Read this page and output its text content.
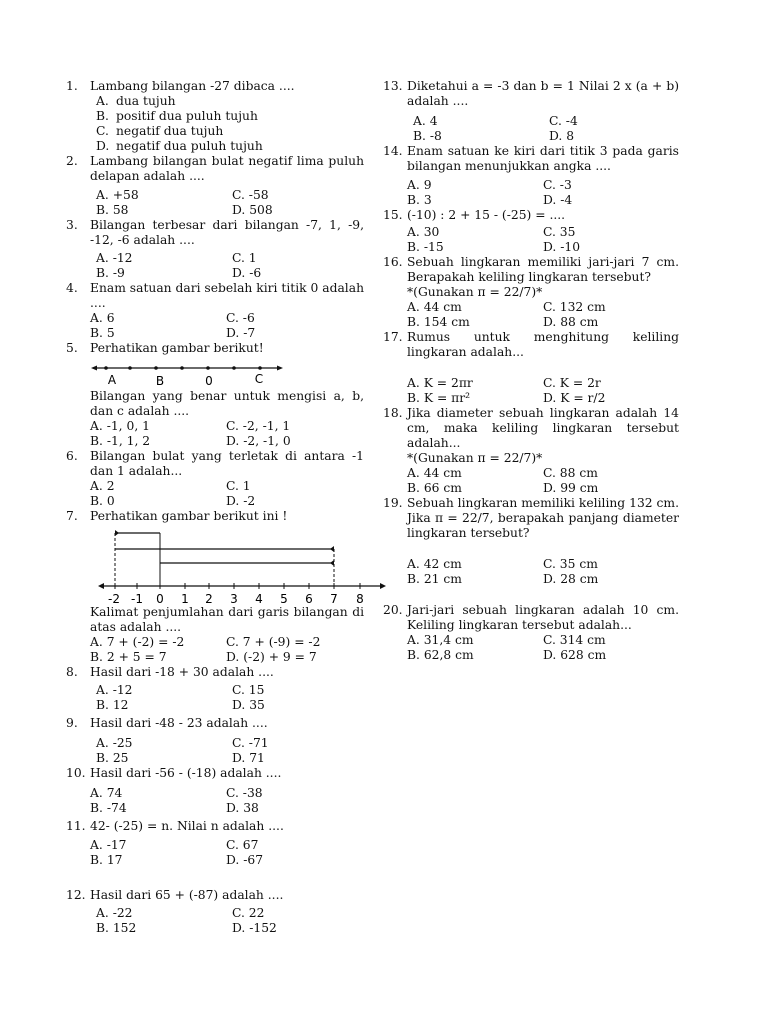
1. Lambang bilangan -27 dibaca ....
A. dua tujuh
B. positif dua puluh tujuh
C. negatif dua tujuh
D. negatif dua puluh tujuh
2. Lambang bilangan bulat negatif lima puluh delapan adalah ....
A. +58	C. -58
B. 58	D. 508
3. Bilangan terbesar dari bilangan -7, 1, -9, -12, -6 adalah ....
A. -12	C. 1
B. -9	D. -6
4. Enam satuan dari sebelah kiri titik 0 adalah ....
A. 6	C. -6
B. 5	D. -7
5. Perhatikan gambar berikut!
A	B	0	C
Bilangan yang benar untuk mengisi a, b, dan c adalah ....
A. -1, 0, 1	C. -2, -1, 1
B. -1, 1, 2	D. -2, -1, 0
6. Bilangan bulat yang terletak di antara -1 dan 1 adalah...
A. 2	C. 1
B. 0	D. -2
7. Perhatikan gambar berikut ini !
-2 -1 0 1 2 3 4 5 6 7 8
Kalimat penjumlahan dari garis bilangan di atas adalah ....
A. 7 + (-2) = -2	C. 7 + (-9) = -2
B. 2 + 5 = 7	D. (-2) + 9 = 7
8. Hasil dari -18 + 30 adalah ....
A. -12	C. 15
B. 12	D. 35
9. Hasil dari -48 - 23 adalah ....
A. -25	C. -71
B. 25	D. 71
10. Hasil dari -56 - (-18) adalah ....
A. 74	C. -38
B. -74	D. 38
11. 42- (-25) = n. Nilai n adalah ....
A. -17	C. 67
B. 17	D. -67
12. Hasil dari 65 + (-87) adalah ....
A. -22	C. 22
B. 152	D. -152
13. Diketahui a = -3 dan b = 1 Nilai 2 x (a + b) adalah ....
A. 4	C. -4
B. -8	D. 8
14. Enam satuan ke kiri dari titik 3 pada garis bilangan menunjukkan angka ....
A. 9	C. -3
B. 3	D. -4
15. (-10) : 2 + 15 - (-25) = ....
A. 30	C. 35
B. -15	D. -10
16. Sebuah lingkaran memiliki jari-jari 7 cm. Berapakah keliling lingkaran tersebut?
*(Gunakan π = 22/7)*
A. 44 cm	C. 132 cm
B. 154 cm	D. 88 cm
17. Rumus untuk menghitung keliling lingkaran adalah...
A. K = 2πr	C. K = 2r
B. K = πr²	D. K = r/2
18. Jika diameter sebuah lingkaran adalah 14 cm, maka keliling lingkaran tersebut adalah...
*(Gunakan π = 22/7)*
A. 44 cm	C. 88 cm
B. 66 cm	D. 99 cm
19. Sebuah lingkaran memiliki keliling 132 cm. Jika π = 22/7, berapakah panjang diameter lingkaran tersebut?
A. 42 cm	C. 35 cm
B. 21 cm	D. 28 cm
20. Jari-jari sebuah lingkaran adalah 10 cm. Keliling lingkaran tersebut adalah...
A. 31,4 cm	C. 314 cm
B. 62,8 cm	D. 628 cm
